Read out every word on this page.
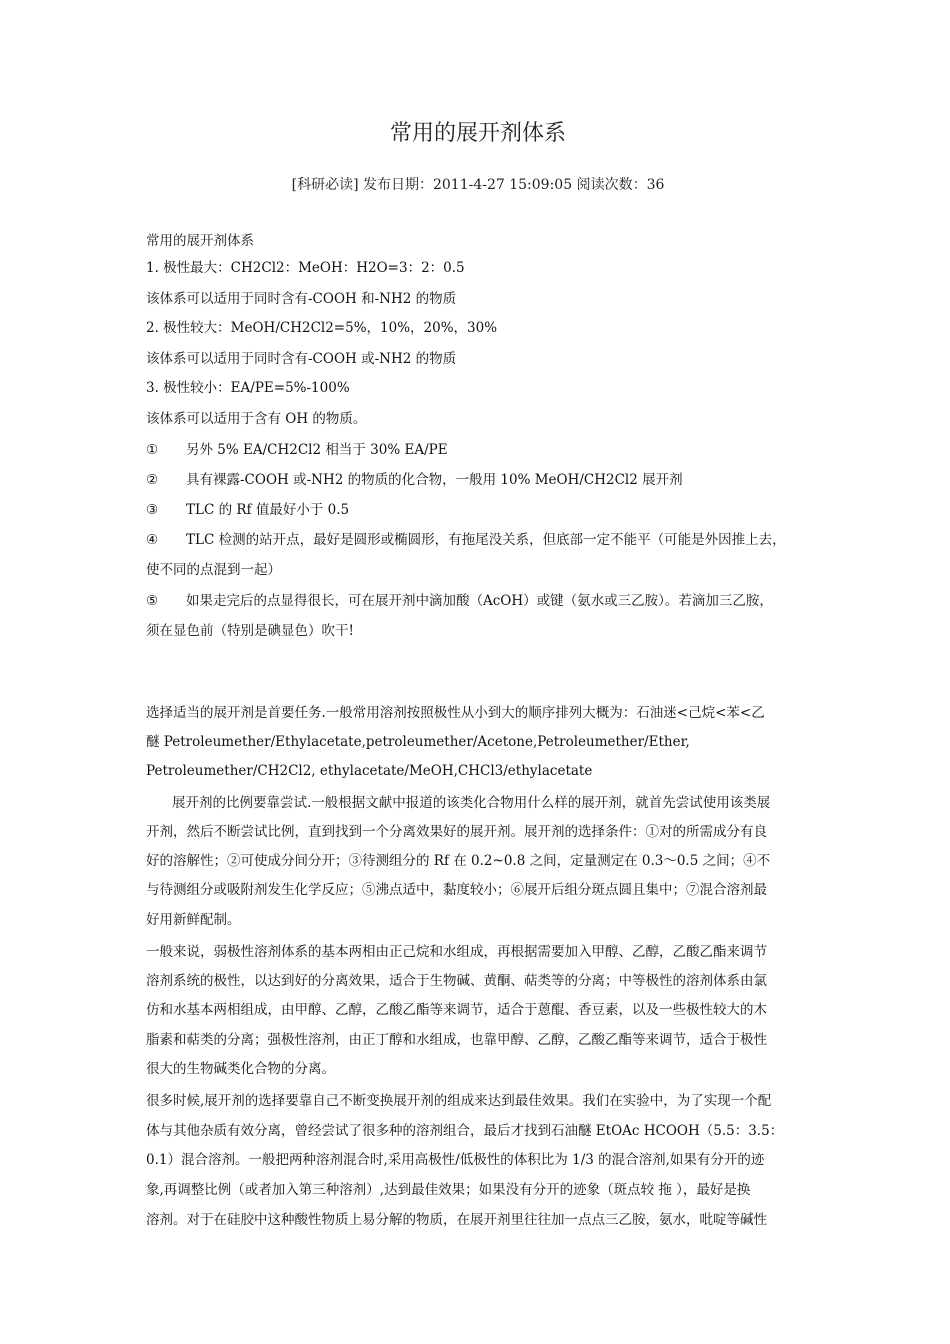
常用的展开剂体系
[科研必读] 发布日期：2011-4-27 15:09:05 阅读次数：36
常用的展开剂体系
1. 极性最大：CH2Cl2：MeOH：H2O=3：2：0.5
该体系可以适用于同时含有-COOH 和-NH2 的物质
2. 极性较大：MeOH/CH2Cl2=5%，10%，20%，30%
该体系可以适用于同时含有-COOH 或-NH2 的物质
3. 极性较小：EA/PE=5%-100%
该体系可以适用于含有 OH 的物质。
① 另外 5% EA/CH2Cl2 相当于 30% EA/PE
② 具有裸露-COOH 或-NH2 的物质的化合物，一般用 10% MeOH/CH2Cl2 展开剂
③ TLC 的 Rf 值最好小于 0.5
④ TLC 检测的站开点，最好是圆形或椭圆形，有拖尾没关系，但底部一定不能平（可能是外因推上去，
使不同的点混到一起）
⑤ 如果走完后的点显得很长，可在展开剂中滴加酸（AcOH）或键（氨水或三乙胺）。若滴加三乙胺，
须在显色前（特别是碘显色）吹干!
选择适当的展开剂是首要任务.一般常用溶剂按照极性从小到大的顺序排列大概为：石油迷<己烷<苯<乙
醚 Petroleumether/Ethylacetate,petroleumether/Acetone,Petroleumether/Ether,
Petroleumether/CH2Cl2, ethylacetate/MeOH,CHCl3/ethylacetate
展开剂的比例要靠尝试.一般根据文献中报道的该类化合物用什么样的展开剂，就首先尝试使用该类展
开剂，然后不断尝试比例，直到找到一个分离效果好的展开剂。展开剂的选择条件：①对的所需成分有良
好的溶解性；②可使成分间分开；③待测组分的 Rf 在 0.2~0.8 之间，定量测定在 0.3～0.5 之间；④不
与待测组分或吸附剂发生化学反应；⑤沸点适中，黏度较小；⑥展开后组分斑点圆且集中；⑦混合溶剂最
好用新鲜配制。
一般来说，弱极性溶剂体系的基本两相由正己烷和水组成，再根据需要加入甲醇、乙醇，乙酸乙酯来调节
溶剂系统的极性，以达到好的分离效果，适合于生物碱、黄酮、萜类等的分离；中等极性的溶剂体系由氯
仿和水基本两相组成，由甲醇、乙醇，乙酸乙酯等来调节，适合于蒽醌、香豆素，以及一些极性较大的木
脂素和萜类的分离；强极性溶剂，由正丁醇和水组成，也靠甲醇、乙醇，乙酸乙酯等来调节，适合于极性
很大的生物碱类化合物的分离。
很多时候,展开剂的选择要靠自己不断变换展开剂的组成来达到最佳效果。我们在实验中，为了实现一个配
体与其他杂质有效分离，曾经尝试了很多种的溶剂组合，最后才找到石油醚 EtOAc HCOOH（5.5：3.5：
0.1）混合溶剂。一般把两种溶剂混合时,采用高极性/低极性的体积比为 1/3 的混合溶剂,如果有分开的迹
象,再调整比例（或者加入第三种溶剂）,达到最佳效果；如果没有分开的迹象（斑点较 拖 ），最好是换
溶剂。对于在硅胶中这种酸性物质上易分解的物质，在展开剂里往往加一点点三乙胺，氨水，吡啶等碱性
